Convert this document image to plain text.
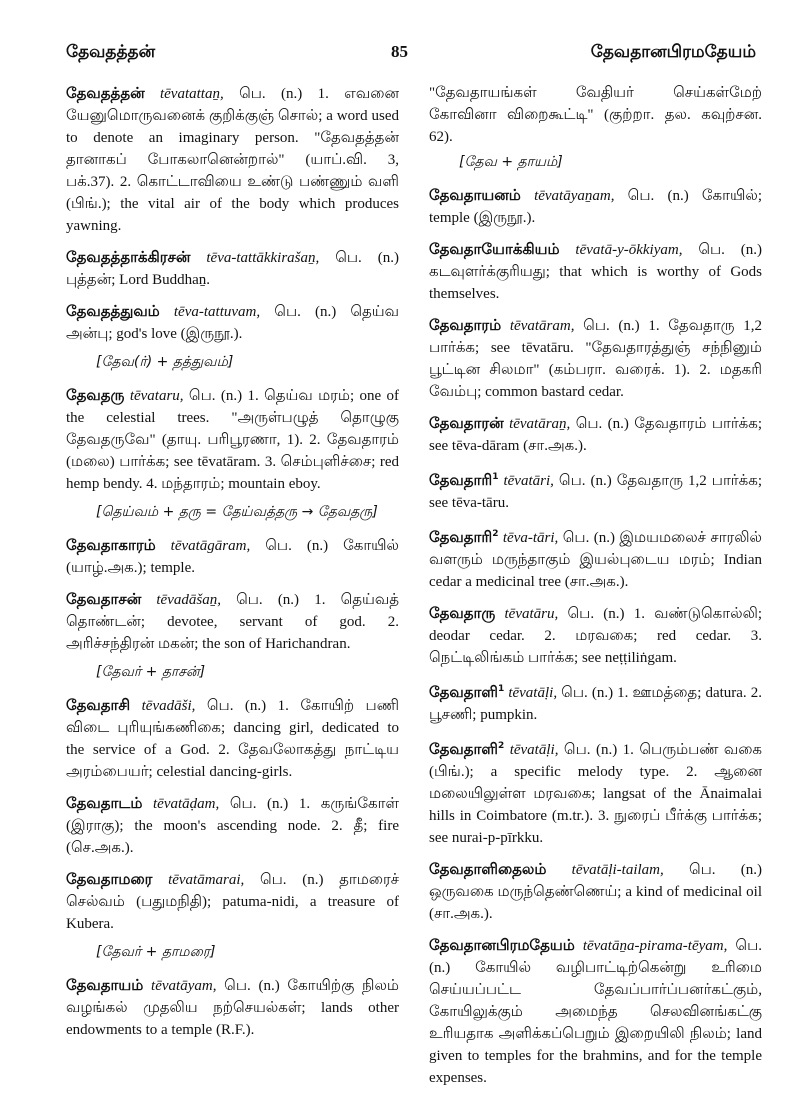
தேவதத்தன்	85	தேவதானபிரமதேயம்
தேவதத்தன் tēvatattaṉ, பெ. (n.) 1. எவனை யேனுமொருவனைக் குறிக்குஞ் சொல்; a word used to denote an imaginary person. "தேவதத்தன் தானாகப் போகலானென்றால்" (யாப்.வி. 3, பக்.37). 2. கொட்டாவியை உண்டு பண்ணும் வளி (பிங்.); the vital air of the body which produces yawning.
தேவதத்தாக்கிரசன் tēva-tattākkirašaṉ, பெ. (n.) புத்தன்; Lord Buddhaṉ.
தேவதத்துவம் tēva-tattuvam, பெ. (n.) தெய்வ அன்பு; god's love (இருநூ.).
[தேவ(ர்) + தத்துவம்]
தேவதரு tēvataru, பெ. (n.) 1. தெய்வ மரம்; one of the celestial trees. "அருள்பழுத் தொழுகு தேவதருவே" (தாயு. பரிபூரணா, 1). 2. தேவதாரம் (மலை) பார்க்க; see tēvatāram. 3. செம்புளிச்சை; red hemp bendy. 4. மந்தாரம்; mountain eboy.
[தெய்வம் + தரு = தேய்வத்தரு → தேவதரு]
தேவதாகாரம் tēvatāgāram, பெ. (n.) கோயில் (யாழ்.அக.); temple.
தேவதாசன் tēvadāšaṉ, பெ. (n.) 1. தெய்வத் தொண்டன்; devotee, servant of god. 2. அரிச்சந்திரன் மகன்; the son of Harichandran.
[தேவர் + தாசன்]
தேவதாசி tēvadāši, பெ. (n.) 1. கோயிற் பணி விடை புரியுங்கணிகை; dancing girl, dedicated to the service of a God. 2. தேவலோகத்து நாட்டிய அரம்பையர்; celestial dancing-girls.
தேவதாடம் tēvatāḍam, பெ. (n.) 1. கருங்கோள் (இராகு); the moon's ascending node. 2. தீ; fire (செ.அக.).
தேவதாமரை tēvatāmarai, பெ. (n.) தாமரைச் செல்வம் (பதுமநிதி); patuma-nidi, a treasure of Kubera.
[தேவர் + தாமரை]
தேவதாயம் tēvatāyam, பெ. (n.) கோயிற்கு நிலம் வழங்கல் முதலிய நற்செயல்கள்; lands other endowments to a temple (R.F.).
"தேவதாயங்கள் வேதியர் செய்கள்மேற் கோவினா விறைகூட்டி" (குற்றா. தல. கவுற்சன. 62).
[தேவ + தாயம்]
தேவதாயனம் tēvatāyaṉam, பெ. (n.) கோயில்; temple (இருநூ.).
தேவதாயோக்கியம் tēvatā-y-ōkkiyam, பெ. (n.) கடவுளர்க்குரியது; that which is worthy of Gods themselves.
தேவதாரம் tēvatāram, பெ. (n.) 1. தேவதாரு 1,2 பார்க்க; see tēvatāru. "தேவதாரத்துஞ் சந்நினும் பூட்டின சிலமா" (கம்பரா. வரைக். 1). 2. மதகரி வேம்பு; common bastard cedar.
தேவதாரன் tēvatāraṉ, பெ. (n.) தேவதாரம் பார்க்க; see tēva-dāram (சா.அக.).
தேவதாரி$^1$ tēvatāri, பெ. (n.) தேவதாரு 1,2 பார்க்க; see tēva-tāru.
தேவதாரி$^2$ tēva-tāri, பெ. (n.) இமயமலைச் சாரலில் வளரும் மருந்தாகும் இயல்புடைய மரம்; Indian cedar a medicinal tree (சா.அக.).
தேவதாரு tēvatāru, பெ. (n.) 1. வண்டுகொல்லி; deodar cedar. 2. மரவகை; red cedar. 3. நெட்டிலிங்கம் பார்க்க; see neṭṭiliṅgam.
தேவதாளி$^1$ tēvatāḷi, பெ. (n.) 1. ஊமத்தை; datura. 2. பூசணி; pumpkin.
தேவதாளி$^2$ tēvatāḷi, பெ. (n.) 1. பெரும்பண் வகை (பிங்.); a specific melody type. 2. ஆனை மலையிலுள்ள மரவகை; langsat of the Ānaimalai hills in Coimbatore (m.tr.). 3. நுரைப் பீர்க்கு பார்க்க; see nurai-p-pīrkku.
தேவதாளிதைலம் tēvatāḷi-tailam, பெ. (n.) ஒருவகை மருந்தெண்ணெய்; a kind of medicinal oil (சா.அக.).
தேவதானபிரமதேயம் tēvatāṉa-pirama-tēyam, பெ. (n.) கோயில் வழிபாட்டிற்கென்று உரிமை செய்யப்பட்ட தேவப்பார்ப்பனர்கட்கும், கோயிலுக்கும் அமைந்த செலவினங்கட்கு உரியதாக அளிக்கப்பெறும் இறையிலி நிலம்; land given to temples for the brahmins, and for the temple expenses.
